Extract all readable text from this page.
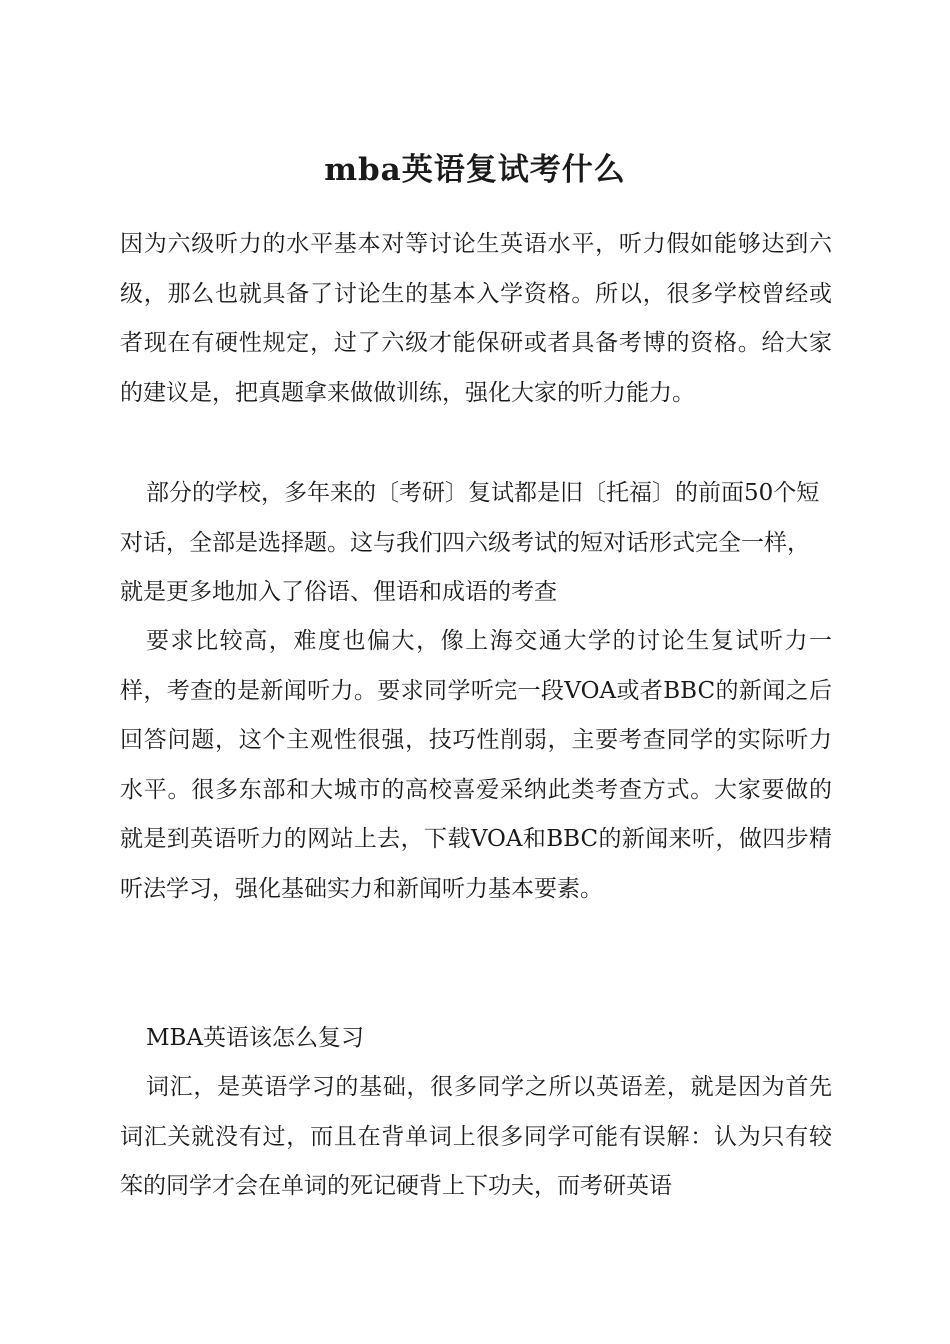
mba英语复试考什么

因为六级听力的水平基本对等讨论生英语水平，听力假如能够达到六级，那么也就具备了讨论生的基本入学资格。所以，很多学校曾经或者现在有硬性规定，过了六级才能保研或者具备考博的资格。给大家的建议是，把真题拿来做做训练，强化大家的听力能力。

部分的学校，多年来的〔考研〕复试都是旧〔托福〕的前面50个短对话，全部是选择题。这与我们四六级考试的短对话形式完全一样，就是更多地加入了俗语、俚语和成语的考查

要求比较高，难度也偏大，像上海交通大学的讨论生复试听力一样，考查的是新闻听力。要求同学听完一段VOA或者BBC的新闻之后回答问题，这个主观性很强，技巧性削弱，主要考查同学的实际听力水平。很多东部和大城市的高校喜爱采纳此类考查方式。大家要做的就是到英语听力的网站上去，下载VOA和BBC的新闻来听，做四步精听法学习，强化基础实力和新闻听力基本要素。

MBA英语该怎么复习

词汇，是英语学习的基础，很多同学之所以英语差，就是因为首先词汇关就没有过，而且在背单词上很多同学可能有误解：认为只有较笨的同学才会在单词的死记硬背上下功夫，而考研英语
